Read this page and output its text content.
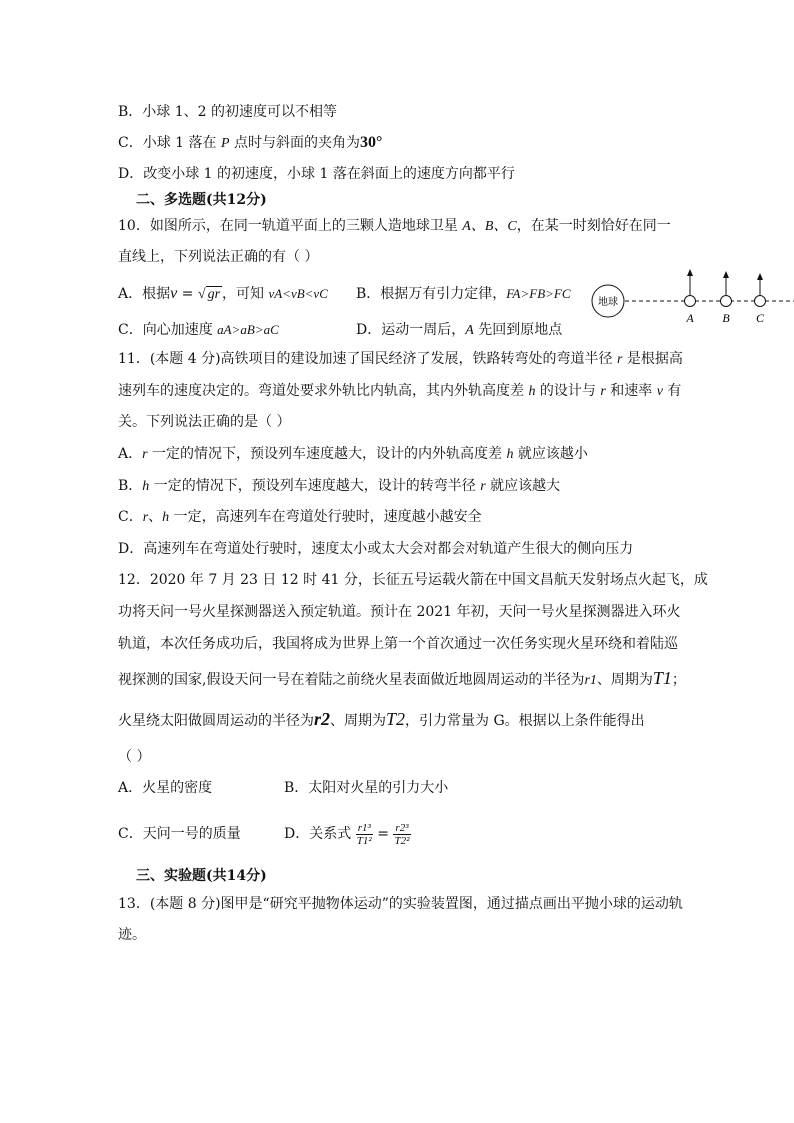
B．小球 1、2 的初速度可以不相等
C．小球 1 落在 P 点时与斜面的夹角为30°
D．改变小球 1 的初速度，小球 1 落在斜面上的速度方向都平行
二、多选题(共12分)
10．如图所示，在同一轨道平面上的三颗人造地球卫星 A、B、C，在某一时刻恰好在同一
直线上，下列说法正确的有（ ）
A．根据v = √ gr ，可知 vA<vB<vC B．根据万有引力定律，FA>FB>FC
C．向心加速度 aA>aB>aC	D．运动一周后，A 先回到原地点
地球
A B C
11．(本题 4 分)高铁项目的建设加速了国民经济了发展，铁路转弯处的弯道半径 r 是根据高
速列车的速度决定的。弯道处要求外轨比内轨高，其内外轨高度差 h 的设计与 r 和速率 v 有
关。下列说法正确的是（ ）
A．r 一定的情况下，预设列车速度越大，设计的内外轨高度差 h 就应该越小
B．h 一定的情况下，预设列车速度越大，设计的转弯半径 r 就应该越大
C．r、h 一定，高速列车在弯道处行驶时，速度越小越安全
D．高速列车在弯道处行驶时，速度太小或太大会对都会对轨道产生很大的侧向压力
12．2020 年 7 月 23 日 12 时 41 分，长征五号运载火箭在中国文昌航天发射场点火起飞，成
功将天问一号火星探测器送入预定轨道。预计在 2021 年初，天问一号火星探测器进入环火
轨道，本次任务成功后，我国将成为世界上第一个首次通过一次任务实现火星环绕和着陆巡
视探测的国家,假设天问一号在着陆之前绕火星表面做近地圆周运动的半径为r1、周期为T1；
火星绕太阳做圆周运动的半径为r2、周期为T2，引力常量为 G。根据以上条件能得出
（ ）
A．火星的密度	B．太阳对火星的引力大小
C．天问一号的质量	D．关系式 $\frac{\text{r1³}}{\text{T1²}} = \frac{\text{r2³}}{\text{T2²}}$
三、实验题(共14分)
13．(本题 8 分)图甲是“研究平抛物体运动”的实验装置图，通过描点画出平抛小球的运动轨
迹。
